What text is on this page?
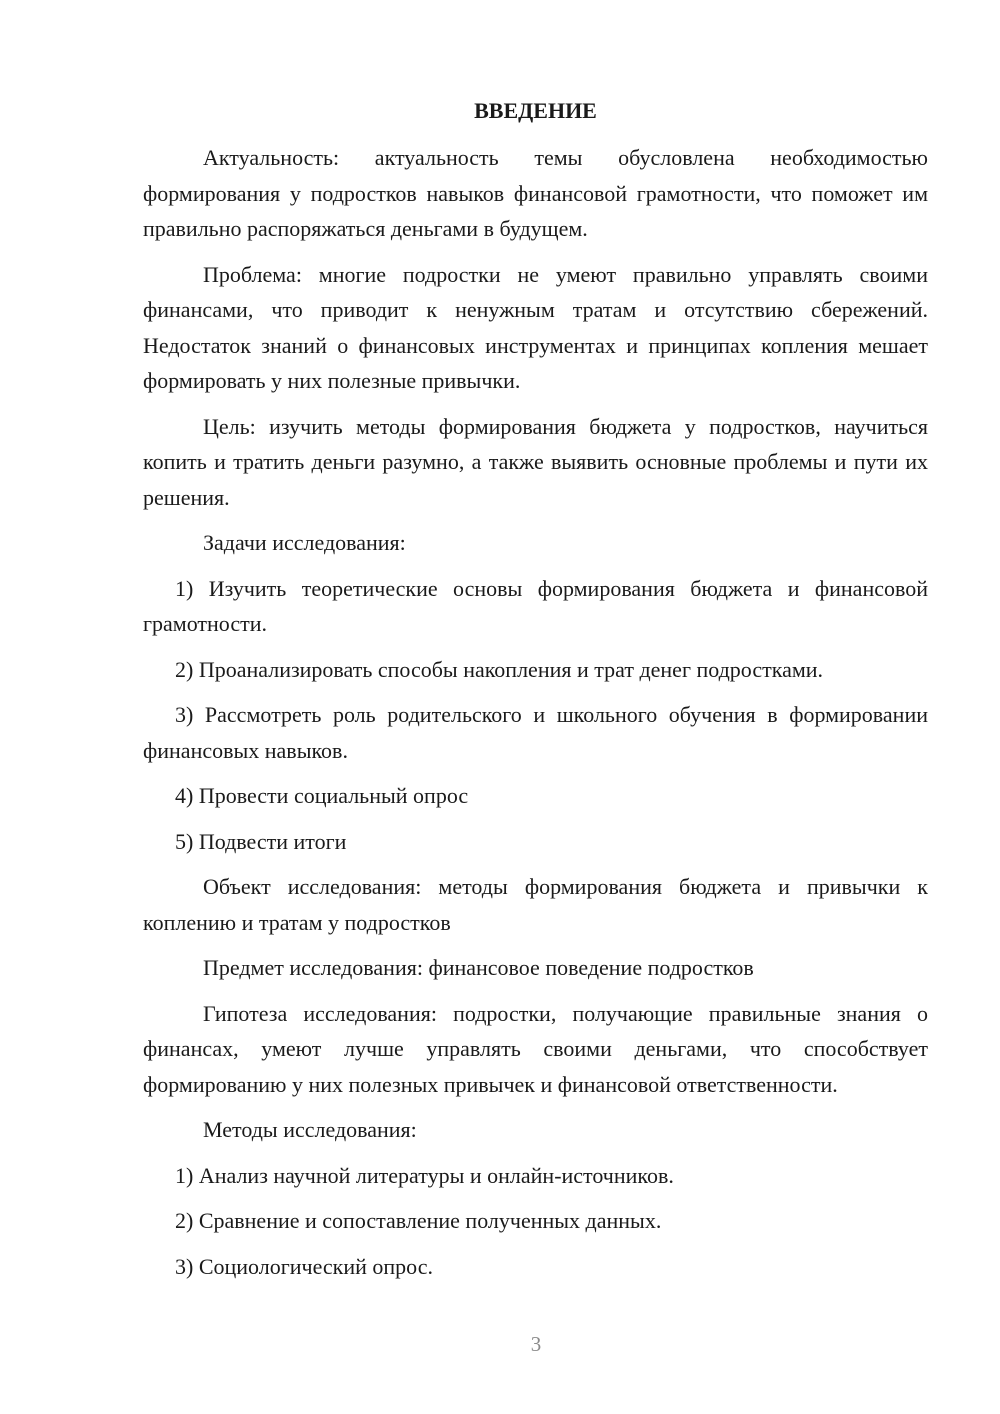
ВВЕДЕНИЕ

Актуальность: актуальность темы обусловлена необходимостью формирования у подростков навыков финансовой грамотности, что поможет им правильно распоряжаться деньгами в будущем.

Проблема: многие подростки не умеют правильно управлять своими финансами, что приводит к ненужным тратам и отсутствию сбережений. Недостаток знаний о финансовых инструментах и принципах копления мешает формировать у них полезные привычки.

Цель: изучить методы формирования бюджета у подростков, научиться копить и тратить деньги разумно, а также выявить основные проблемы и пути их решения.

Задачи исследования:

1) Изучить теоретические основы формирования бюджета и финансовой грамотности.

2) Проанализировать способы накопления и трат денег подростками.

3) Рассмотреть роль родительского и школьного обучения в формировании финансовых навыков.

4) Провести социальный опрос

5) Подвести итоги

Объект исследования: методы формирования бюджета и привычки к коплению и тратам у подростков

Предмет исследования: финансовое поведение подростков

Гипотеза исследования: подростки, получающие правильные знания о финансах, умеют лучше управлять своими деньгами, что способствует формированию у них полезных привычек и финансовой ответственности.

Методы исследования:

1) Анализ научной литературы и онлайн-источников.

2) Сравнение и сопоставление полученных данных.

3) Социологический опрос.

3
